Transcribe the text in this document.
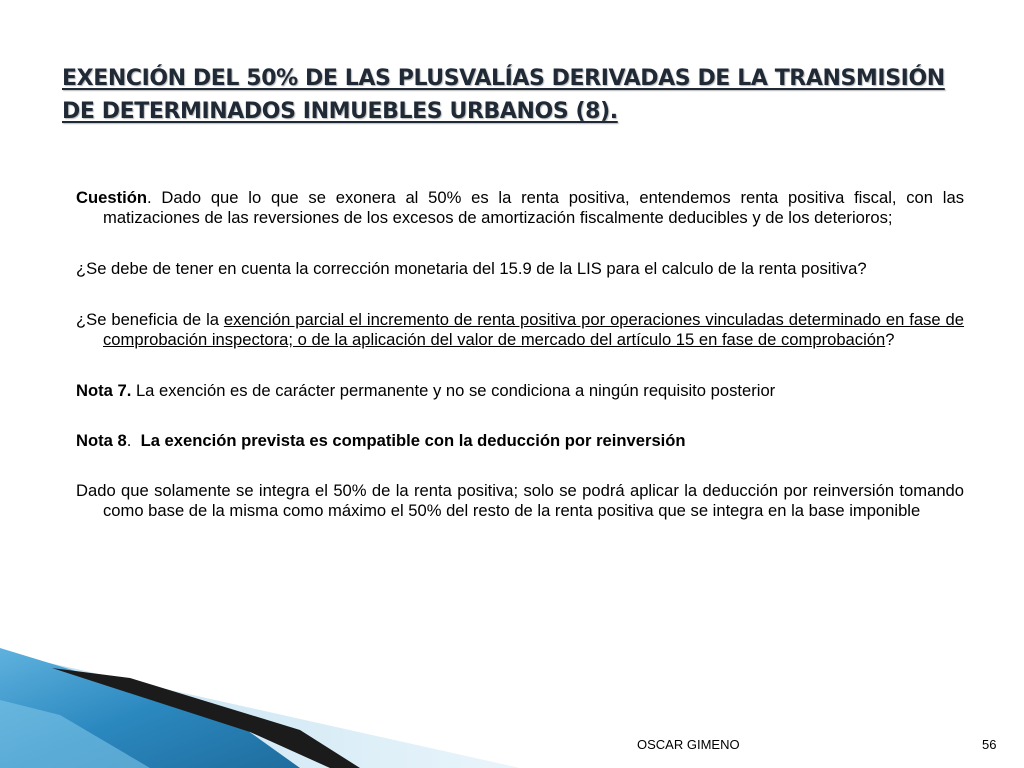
EXENCIÓN DEL 50% DE LAS PLUSVALÍAS DERIVADAS DE LA TRANSMISIÓN DE DETERMINADOS INMUEBLES URBANOS (8).

Cuestión. Dado que lo que se exonera al 50% es la renta positiva, entendemos renta positiva fiscal, con las matizaciones de las reversiones de los excesos de amortización fiscalmente deducibles y de los deterioros;

¿Se debe de tener en cuenta la corrección monetaria del 15.9 de la LIS para el calculo de la renta positiva?

¿Se beneficia de la exención parcial el incremento de renta positiva por operaciones vinculadas determinado en fase de comprobación inspectora; o de la aplicación del valor de mercado del artículo 15 en fase de comprobación?

Nota 7. La exención es de carácter permanente y no se condiciona a ningún requisito posterior

Nota 8.  La exención prevista es compatible con la deducción por reinversión

Dado que solamente se integra el 50% de la renta positiva; solo se podrá aplicar la deducción por reinversión tomando como base de la misma como máximo el 50% del resto de la renta positiva que se integra en la base imponible

OSCAR GIMENO	56
